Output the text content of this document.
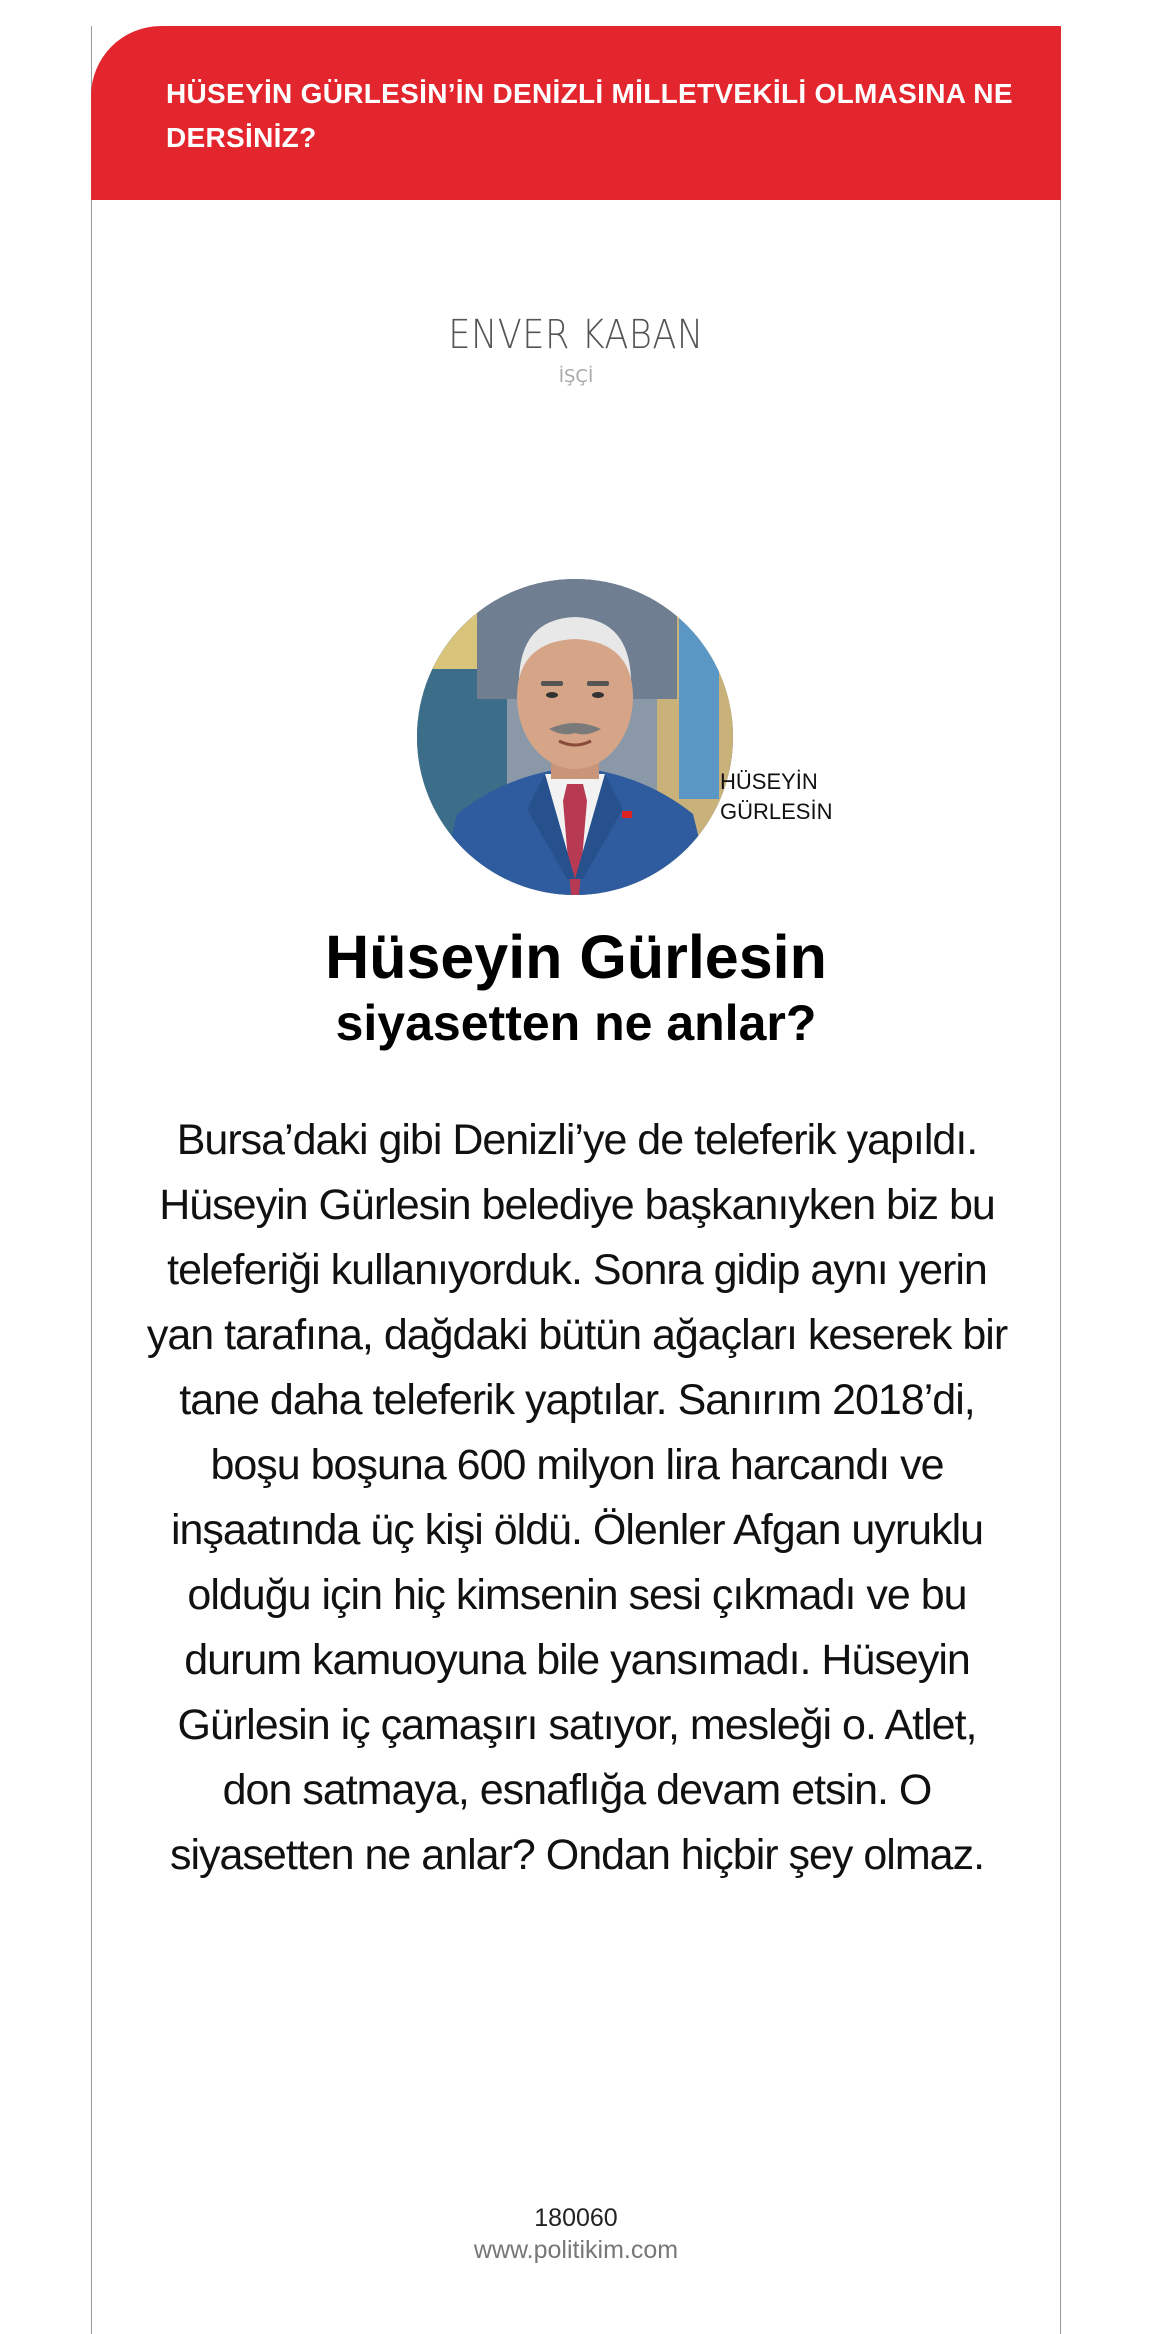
HÜSEYİN GÜRLESİN’İN DENİZLİ MİLLETVEKİLİ OLMASINA NE DERSİNİZ?
ENVER KABAN
İŞÇİ
HÜSEYİN
GÜRLESİN
Hüseyin Gürlesin
siyasetten ne anlar?
Bursa’daki gibi Denizli’ye de teleferik yapıldı. Hüseyin Gürlesin belediye başkanıyken biz bu teleferiği kullanıyorduk. Sonra gidip aynı yerin yan tarafına, dağdaki bütün ağaçları keserek bir tane daha teleferik yaptılar. Sanırım 2018’di, boşu boşuna 600 milyon lira harcandı ve inşaatında üç kişi öldü. Ölenler Afgan uyruklu olduğu için hiç kimsenin sesi çıkmadı ve bu durum kamuoyuna bile yansımadı. Hüseyin Gürlesin iç çamaşırı satıyor, mesleği o. Atlet, don satmaya, esnaflığa devam etsin. O siyasetten ne anlar? Ondan hiçbir şey olmaz.
180060
www.politikim.com
